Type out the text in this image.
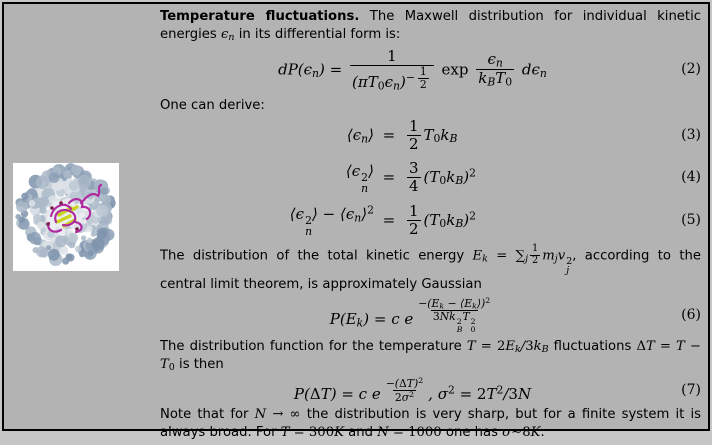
Temperature fluctuations. The Maxwell distribution for individual kinetic energies $\epsilon_n$ in its differential form is:

$dP(\epsilon_n) = 1$
$(\pi T_0\epsilon_n)^{- \frac{1}{2}}$ $\exp \frac{\epsilon_n}{k_BT_0} d\epsilon_n$	(2)

One can derive:

$⟨\epsilon_n⟩ = \frac{1}{2} T_0k_B$	(3)
⟨ϵ 2
n
⟩ = $\frac{3}{4} (T_0k_B)^2$	(4)
⟨ϵ 2
n
⟩ − $⟨\epsilon_n⟩^2$
= $\frac{1}{2} (T_0k_B)^2$	(5)

The distribution of the total kinetic energy $E_k = \sum_j \frac{1}{2} m_jv$ 2
j
, according to the central limit theorem, is approximately Gaussian

$P(E_k) = c$ e $^{-(E_k - ⟨E_k⟩)^2 3Nk 2 B T 2 0}$	(6)

The distribution function for the temperature $T = 2E_k/3k_B$ fluctuations $\Delta T = T - T_0$ is then

P(ΔT) = c e $^{\frac{-(\Delta T)^2}{2\sigma^2}}$ , $\sigma^2 = 2T^2/3N$	(7)

Note that for N → ∞ the distribution is very sharp, but for a finite system it is always broad. For T = 300K and N = 1000 one has σ∼8K.
